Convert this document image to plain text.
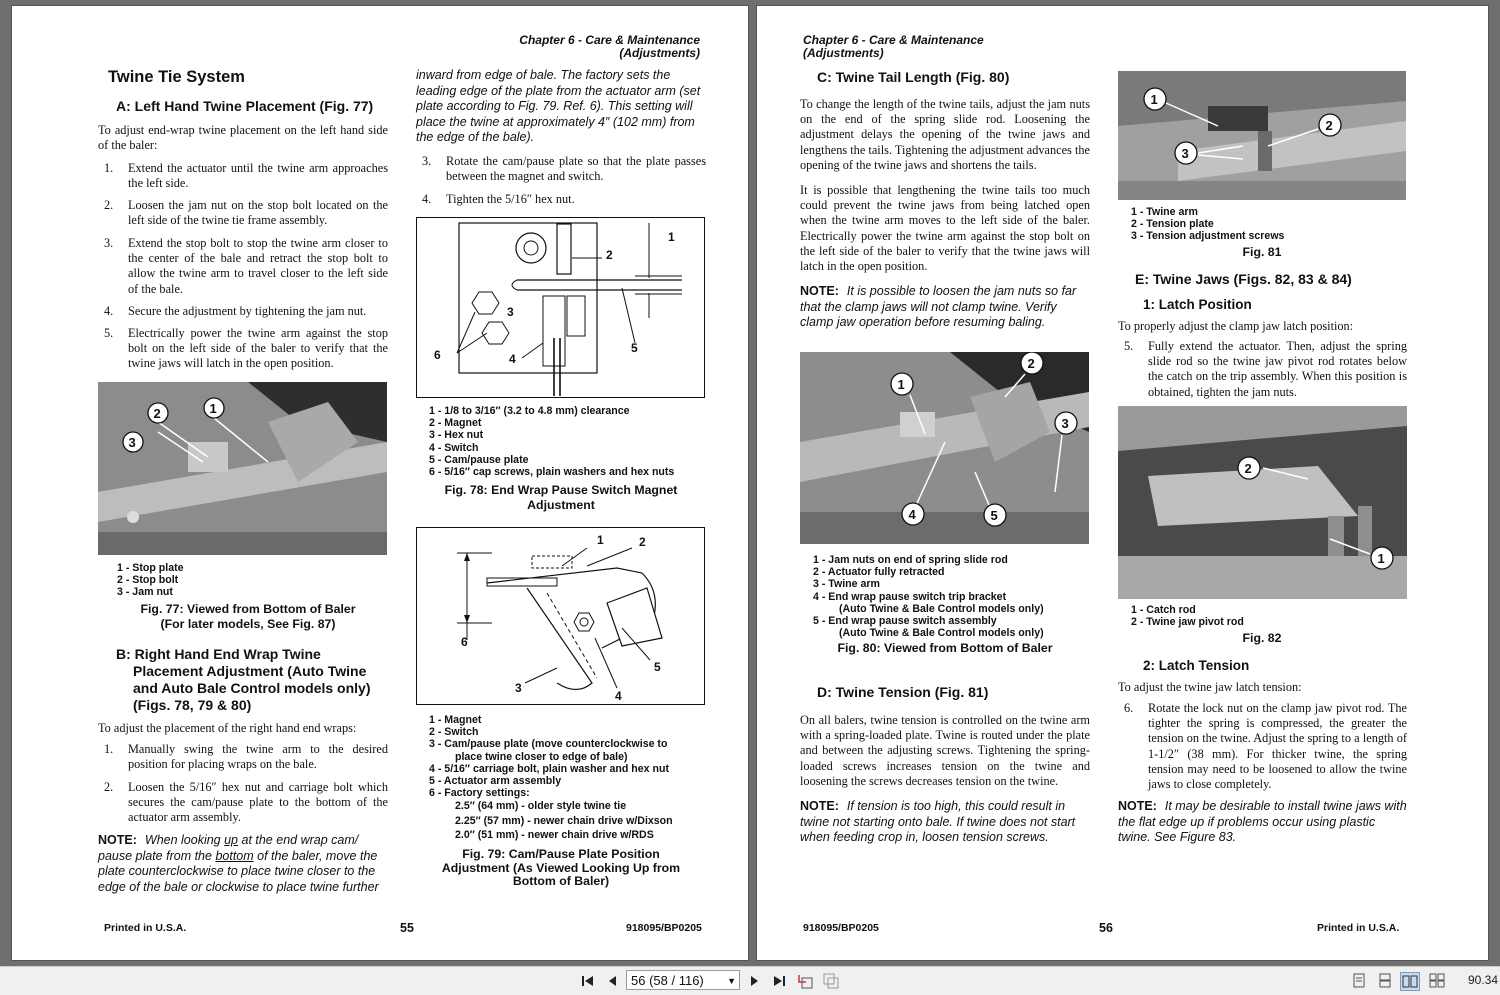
Chapter 6 - Care & Maintenance
(Adjustments)
Twine Tie System
A: Left Hand Twine Placement (Fig. 77)
To adjust end-wrap twine placement on the left hand side of the baler:
1. Extend the actuator until the twine arm approaches the left side.
2. Loosen the jam nut on the stop bolt located on the left side of the twine tie frame assembly.
3. Extend the stop bolt to stop the twine arm closer to the center of the bale and retract the stop bolt to allow the twine arm to travel closer to the left side of the bale.
4. Secure the adjustment by tightening the jam nut.
5. Electrically power the twine arm against the stop bolt on the left side of the baler to verify that the twine jaws will latch in the open position.
1
2
3
1 - Stop plate
2 - Stop bolt
3 - Jam nut
Fig. 77: Viewed from Bottom of Baler
(For later models, See Fig. 87)
B: Right Hand End Wrap Twine
Placement Adjustment (Auto Twine
and Auto Bale Control models only)
(Figs. 78, 79 & 80)
To adjust the placement of the right hand end wraps:
1. Manually swing the twine arm to the desired position for placing wraps on the bale.
2. Loosen the 5/16″ hex nut and carriage bolt which secures the cam/pause plate to the bottom of the actuator arm assembly.
NOTE: When looking up at the end wrap cam/ pause plate from the bottom of the baler, move the plate counterclockwise to place twine closer to the edge of the bale or clockwise to place twine further
inward from edge of bale. The factory sets the leading edge of the plate from the actuator arm (set plate according to Fig. 79. Ref. 6). This setting will place the twine at approximately 4″ (102 mm) from the edge of the bale).
3. Rotate the cam/pause plate so that the plate passes between the magnet and switch.
4. Tighten the 5/16″ hex nut.
1
2
3
4
5
6
1 - 1/8 to 3/16″ (3.2 to 4.8 mm) clearance
2 - Magnet
3 - Hex nut
4 - Switch
5 - Cam/pause plate
6 - 5/16″ cap screws, plain washers and hex nuts
Fig. 78: End Wrap Pause Switch Magnet
Adjustment
1	2
3
4
5
6
1 - Magnet
2 - Switch
3 - Cam/pause plate (move counterclockwise to
place twine closer to edge of bale)
4 - 5/16″ carriage bolt, plain washer and hex nut
5 - Actuator arm assembly
6 - Factory settings:
2.5″ (64 mm) - older style twine tie
2.25″ (57 mm) - newer chain drive w/Dixson
2.0″ (51 mm) - newer chain drive w/RDS
Fig. 79: Cam/Pause Plate Position
Adjustment (As Viewed Looking Up from
Bottom of Baler)
Printed in U.S.A.	55	918095/BP0205
Chapter 6 - Care & Maintenance
(Adjustments)
C: Twine Tail Length (Fig. 80)
To change the length of the twine tails, adjust the jam nuts on the end of the spring slide rod. Loosening the adjustment delays the opening of the twine jaws and lengthens the tails. Tightening the adjustment advances the opening of the twine jaws and shortens the tails.
It is possible that lengthening the twine tails too much could prevent the twine jaws from being latched open when the twine arm moves to the left side of the baler. Electrically power the twine arm against the stop bolt on the left side of the baler to verify that the twine jaws will latch in the open position.
NOTE: It is possible to loosen the jam nuts so far that the clamp jaws will not clamp twine. Verify clamp jaw operation before resuming baling.
1
2
3
4	5
1 - Jam nuts on end of spring slide rod
2 - Actuator fully retracted
3 - Twine arm
4 - End wrap pause switch trip bracket
(Auto Twine & Bale Control models only)
5 - End wrap pause switch assembly
(Auto Twine & Bale Control models only)
Fig. 80: Viewed from Bottom of Baler
D: Twine Tension (Fig. 81)
On all balers, twine tension is controlled on the twine arm with a spring-loaded plate. Twine is routed under the plate and between the adjusting screws. Tightening the spring-loaded screws increases tension on the twine and loosening the screws decreases tension on the twine.
NOTE: If tension is too high, this could result in twine not starting onto bale. If twine does not start when feeding crop in, loosen tension screws.
1
2
3
1 - Twine arm
2 - Tension plate
3 - Tension adjustment screws
Fig. 81
E: Twine Jaws (Figs. 82, 83 & 84)
1: Latch Position
To properly adjust the clamp jaw latch position:
5. Fully extend the actuator. Then, adjust the spring slide rod so the twine jaw pivot rod rotates below the catch on the trip assembly. When this position is obtained, tighten the jam nuts.
2
1
1 - Catch rod
2 - Twine jaw pivot rod
Fig. 82
2: Latch Tension
To adjust the twine jaw latch tension:
6. Rotate the lock nut on the clamp jaw pivot rod. The tighter the spring is compressed, the greater the tension on the twine. Adjust the spring to a length of 1-1/2″ (38 mm). For thicker twine, the spring tension may need to be loosened to allow the twine jaws to close completely.
NOTE: It may be desirable to install twine jaws with the flat edge up if problems occur using plastic twine. See Figure 83.
918095/BP0205	56	Printed in U.S.A.
56 (58 / 116)	▼	90.34
